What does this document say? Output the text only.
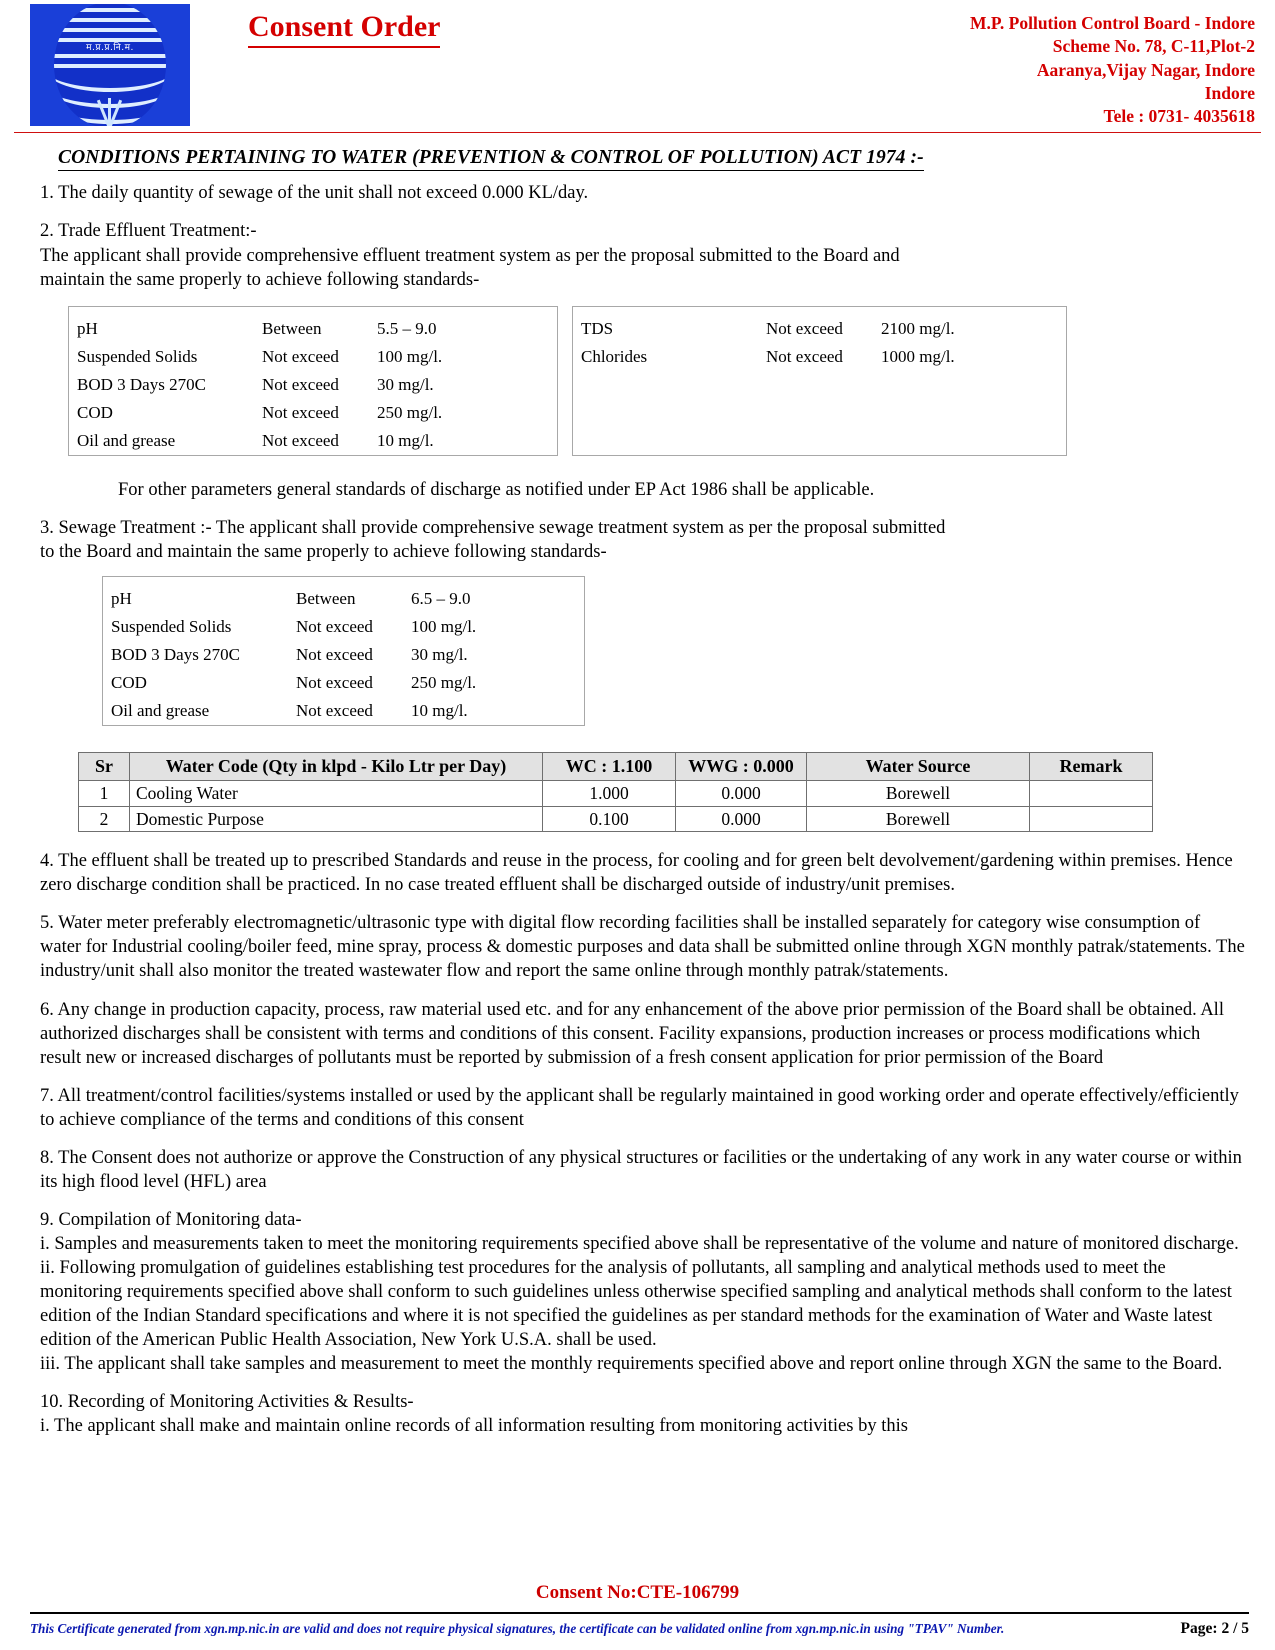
म.प्र.प्र.नि.म.
Consent Order	M.P. Pollution Control Board - Indore
Scheme No. 78, C-11,Plot-2
Aaranya,Vijay Nagar, Indore
Indore
Tele : 0731- 4035618
CONDITIONS PERTAINING TO WATER (PREVENTION & CONTROL OF POLLUTION) ACT 1974 :-

1. The daily quantity of sewage of the unit shall not exceed 0.000 KL/day.

2. Trade Effluent Treatment:-

The applicant shall provide comprehensive effluent treatment system as per the proposal submitted to the Board and

maintain the same properly to achieve following standards-

pH	Between	5.5 – 9.0
Suspended Solids	Not exceed	100 mg/l.
BOD 3 Days 270C	Not exceed	30 mg/l.
COD	Not exceed	250 mg/l.
Oil and grease	Not exceed	10 mg/l.
TDS	Not exceed	2100 mg/l.
Chlorides	Not exceed	1000 mg/l.

For other parameters general standards of discharge as notified under EP Act 1986 shall be applicable.

3. Sewage Treatment :- The applicant shall provide comprehensive sewage treatment system as per the proposal submitted

to the Board and maintain the same properly to achieve following standards-

pH	Between	6.5 – 9.0
Suspended Solids	Not exceed	100 mg/l.
BOD 3 Days 270C	Not exceed	30 mg/l.
COD	Not exceed	250 mg/l.
Oil and grease	Not exceed	10 mg/l.
Sr	Water Code (Qty in klpd - Kilo Ltr per Day)	WC : 1.100	WWG : 0.000	Water Source	Remark
1	Cooling Water	1.000	0.000	Borewell	
2	Domestic Purpose	0.100	0.000	Borewell	

4. The effluent shall be treated up to prescribed Standards and reuse in the process, for cooling and for green belt devolvement/gardening within premises. Hence zero discharge condition shall be practiced. In no case treated effluent shall be discharged outside of industry/unit premises.

5. Water meter preferably electromagnetic/ultrasonic type with digital flow recording facilities shall be installed separately for category wise consumption of water for Industrial cooling/boiler feed, mine spray, process & domestic purposes and data shall be submitted online through XGN monthly patrak/statements. The industry/unit shall also monitor the treated wastewater flow and report the same online through monthly patrak/statements.

6. Any change in production capacity, process, raw material used etc. and for any enhancement of the above prior permission of the Board shall be obtained. All authorized discharges shall be consistent with terms and conditions of this consent. Facility expansions, production increases or process modifications which result new or increased discharges of pollutants must be reported by submission of a fresh consent application for prior permission of the Board

7. All treatment/control facilities/systems installed or used by the applicant shall be regularly maintained in good working order and operate effectively/efficiently to achieve compliance of the terms and conditions of this consent

8. The Consent does not authorize or approve the Construction of any physical structures or facilities or the undertaking of any work in any water course or within its high flood level (HFL) area

9. Compilation of Monitoring data-

i. Samples and measurements taken to meet the monitoring requirements specified above shall be representative of the volume and nature of monitored discharge.

ii. Following promulgation of guidelines establishing test procedures for the analysis of pollutants, all sampling and analytical methods used to meet the monitoring requirements specified above shall conform to such guidelines unless otherwise specified sampling and analytical methods shall conform to the latest edition of the Indian Standard specifications and where it is not specified the guidelines as per standard methods for the examination of Water and Waste latest edition of the American Public Health Association, New York U.S.A. shall be used.

iii. The applicant shall take samples and measurement to meet the monthly requirements specified above and report online through XGN the same to the Board.

10. Recording of Monitoring Activities & Results-

i. The applicant shall make and maintain online records of all information resulting from monitoring activities by this

Consent No:CTE-106799
This Certificate generated from xgn.mp.nic.in are valid and does not require physical signatures, the certificate can be validated online from xgn.mp.nic.in using "TPAV" Number.	Page: 2 / 5
